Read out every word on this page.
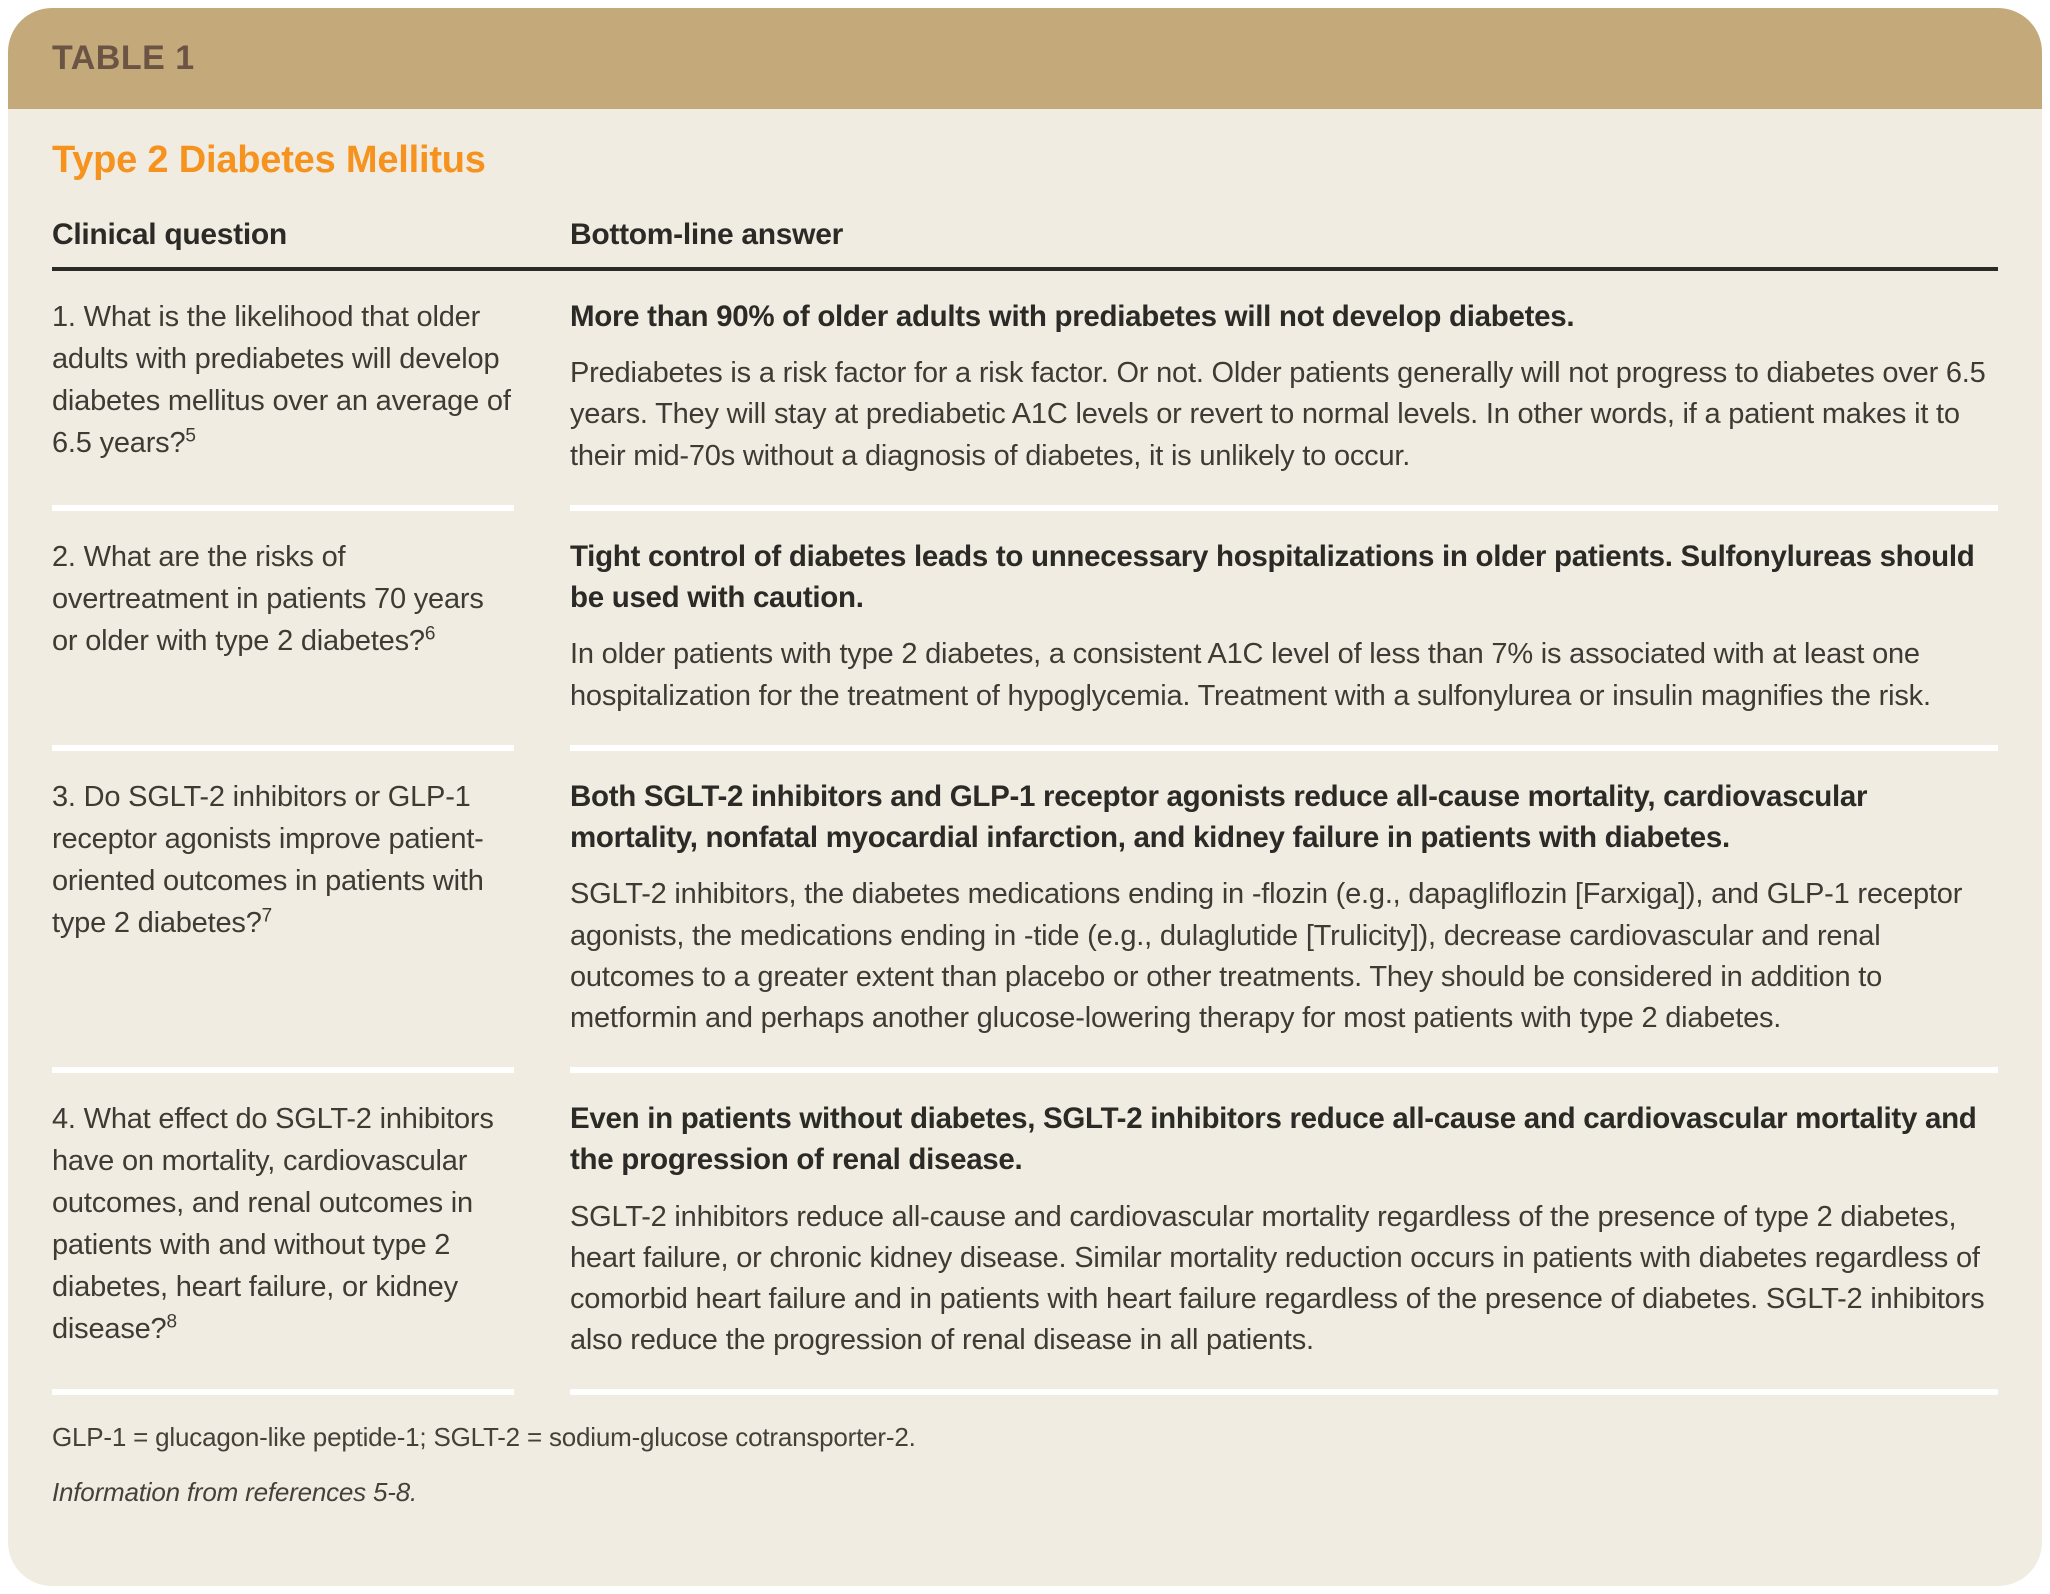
TABLE 1
Type 2 Diabetes Mellitus
Clinical question	Bottom-line answer
1. What is the likelihood that older adults with prediabetes will develop diabetes mellitus over an average of 6.5 years?$^5$

More than 90% of older adults with prediabetes will not develop diabetes.

Prediabetes is a risk factor for a risk factor. Or not. Older patients generally will not progress to diabetes over 6.5 years. They will stay at prediabetic A1C levels or revert to normal levels. In other words, if a patient makes it to their mid-70s without a diagnosis of diabetes, it is unlikely to occur.

2. What are the risks of overtreatment in patients 70 years or older with type 2 diabetes?$^6$

Tight control of diabetes leads to unnecessary hospitalizations in older patients. Sulfonylureas should be used with caution.

In older patients with type 2 diabetes, a consistent A1C level of less than 7% is associated with at least one hospitalization for the treatment of hypoglycemia. Treatment with a sulfonylurea or insulin magnifies the risk.

3. Do SGLT-2 inhibitors or GLP-1 receptor agonists improve patient-oriented outcomes in patients with type 2 diabetes?$^7$

Both SGLT-2 inhibitors and GLP-1 receptor agonists reduce all-cause mortality, cardiovascular mortality, nonfatal myocardial infarction, and kidney failure in patients with diabetes.

SGLT-2 inhibitors, the diabetes medications ending in -flozin (e.g., dapagliflozin [Farxiga]), and GLP-1 receptor agonists, the medications ending in -tide (e.g., dulaglutide [Trulicity]), decrease cardiovascular and renal outcomes to a greater extent than placebo or other treatments. They should be considered in addition to metformin and perhaps another glucose-lowering therapy for most patients with type 2 diabetes.

4. What effect do SGLT-2 inhibitors have on mortality, cardiovascular outcomes, and renal outcomes in patients with and without type 2 diabetes, heart failure, or kidney disease?$^8$

Even in patients without diabetes, SGLT-2 inhibitors reduce all-cause and cardiovascular mortality and the progression of renal disease.

SGLT-2 inhibitors reduce all-cause and cardiovascular mortality regardless of the presence of type 2 diabetes, heart failure, or chronic kidney disease. Similar mortality reduction occurs in patients with diabetes regardless of comorbid heart failure and in patients with heart failure regardless of the presence of diabetes. SGLT-2 inhibitors also reduce the progression of renal disease in all patients.

GLP-1 = glucagon-like peptide-1; SGLT-2 = sodium-glucose cotransporter-2.

Information from references 5-8.
